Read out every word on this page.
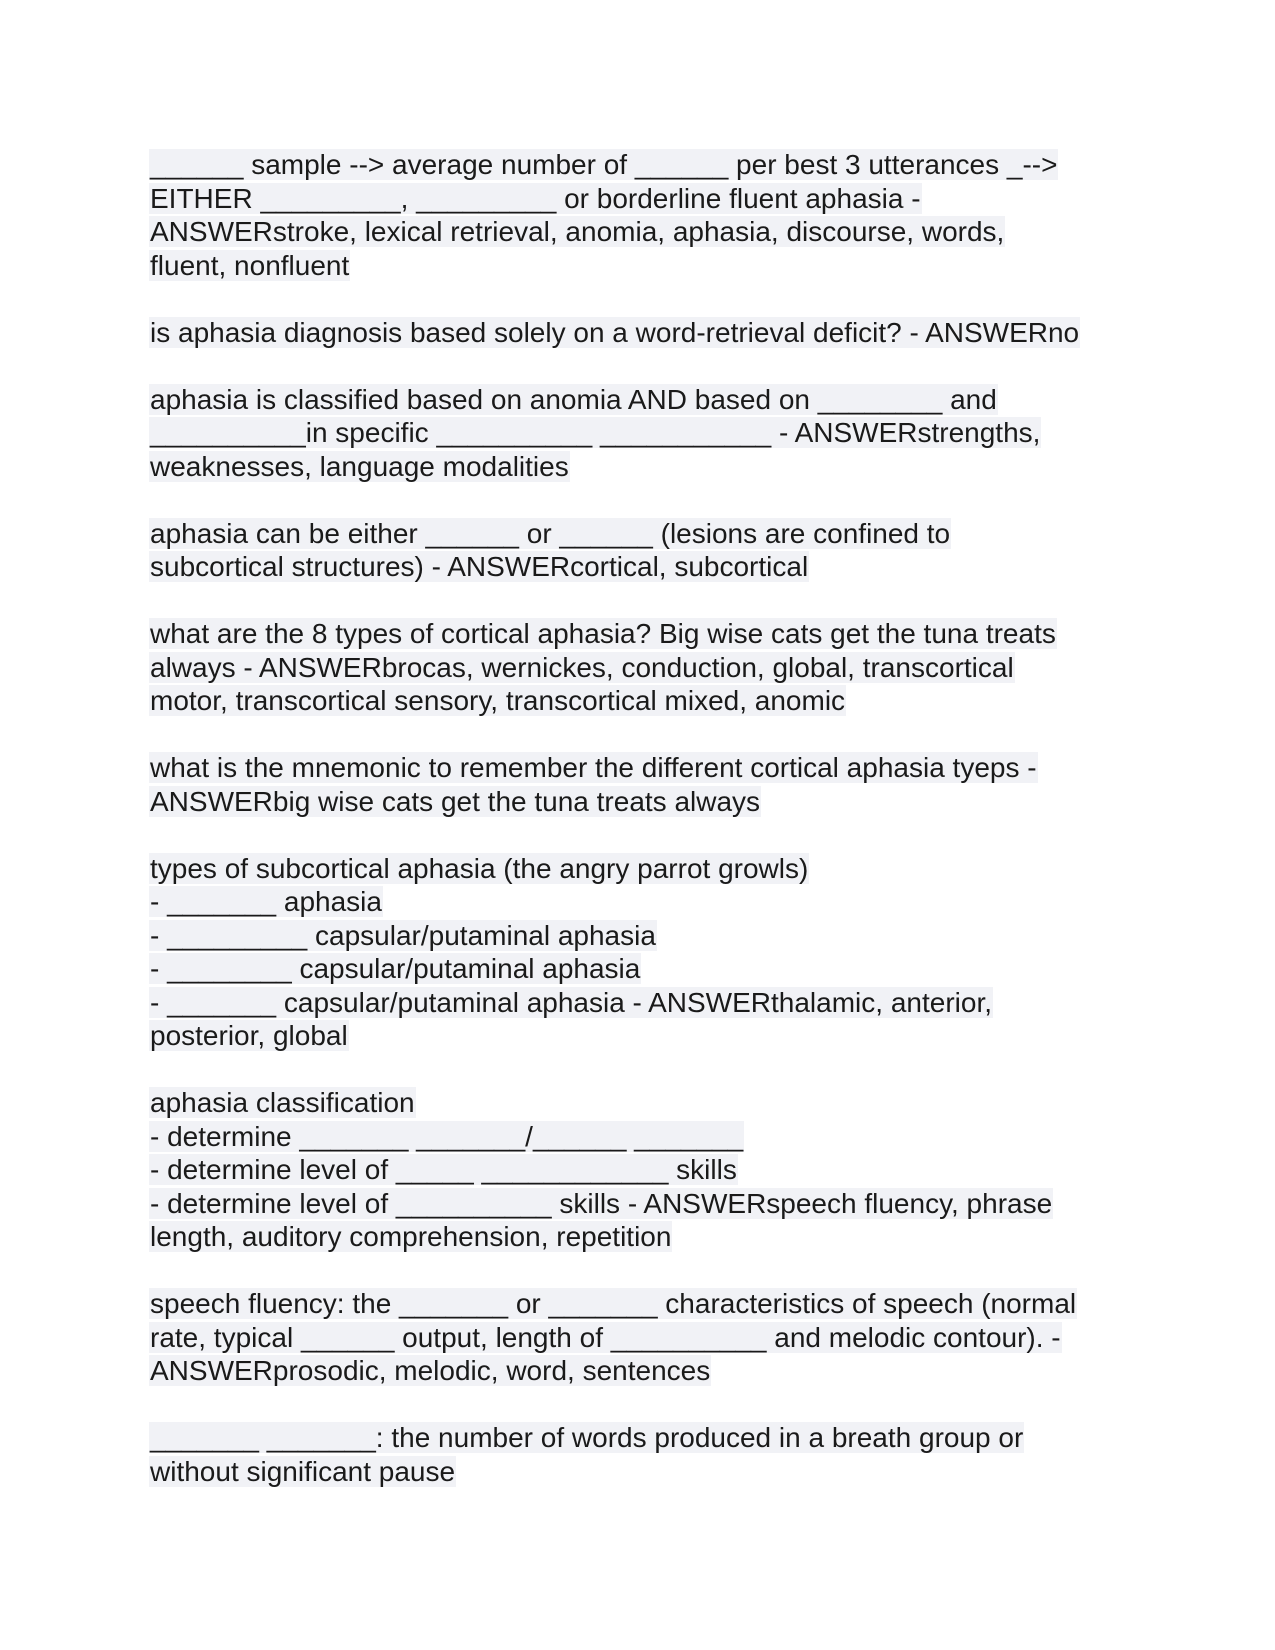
______ sample --> average number of ______ per best 3 utterances _-->
EITHER _________, _________ or borderline fluent aphasia -
ANSWERstroke, lexical retrieval, anomia, aphasia, discourse, words,
fluent, nonfluent
is aphasia diagnosis based solely on a word-retrieval deficit? - ANSWERno
aphasia is classified based on anomia AND based on ________ and
__________in specific __________ ___________ - ANSWERstrengths,
weaknesses, language modalities
aphasia can be either ______ or ______ (lesions are confined to
subcortical structures) - ANSWERcortical, subcortical
what are the 8 types of cortical aphasia? Big wise cats get the tuna treats
always - ANSWERbrocas, wernickes, conduction, global, transcortical
motor, transcortical sensory, transcortical mixed, anomic
what is the mnemonic to remember the different cortical aphasia tyeps -
ANSWERbig wise cats get the tuna treats always
types of subcortical aphasia (the angry parrot growls)
- _______ aphasia
- _________ capsular/putaminal aphasia
- ________ capsular/putaminal aphasia
- _______ capsular/putaminal aphasia - ANSWERthalamic, anterior,
posterior, global
aphasia classification
- determine _______ _______/______ _______
- determine level of _____ ____________ skills
- determine level of __________ skills - ANSWERspeech fluency, phrase
length, auditory comprehension, repetition
speech fluency: the _______ or _______ characteristics of speech (normal
rate, typical ______ output, length of __________ and melodic contour). -
ANSWERprosodic, melodic, word, sentences
_______ _______: the number of words produced in a breath group or
without significant pause
